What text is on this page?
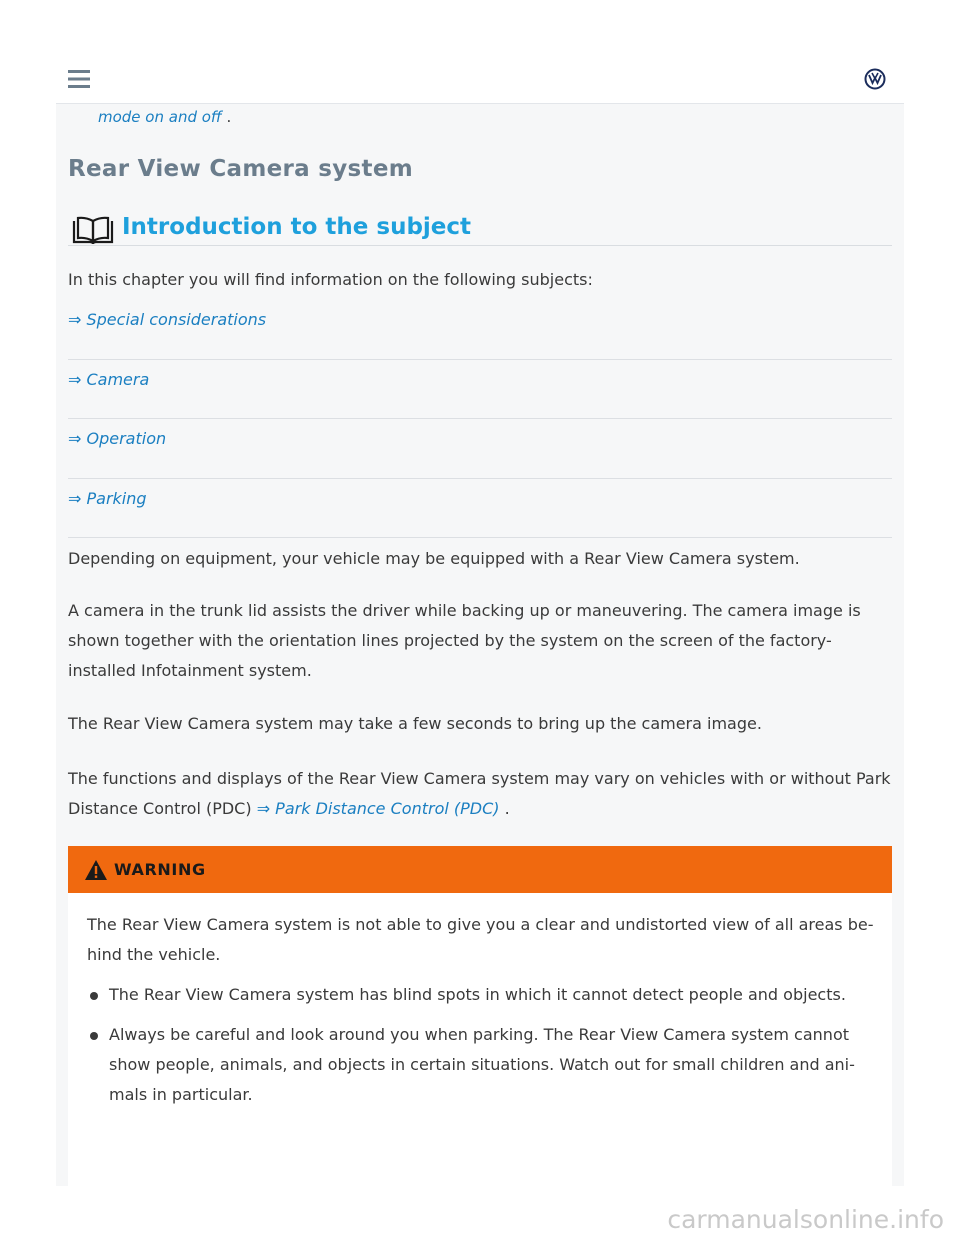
mode on and off .
Rear View Camera system
Introduction to the subject

In this chapter you will find information on the following subjects:

⇒ Special considerations
⇒ Camera
⇒ Operation
⇒ Parking

Depending on equipment, your vehicle may be equipped with a Rear View Camera system.

A camera in the trunk lid assists the driver while backing up or maneuvering. The camera image is shown together with the orientation lines projected by the system on the screen of the factory-installed Infotainment system.

The Rear View Camera system may take a few seconds to bring up the camera image.

The functions and displays of the Rear View Camera system may vary on vehicles with or without Park Distance Control (PDC) ⇒ Park Distance Control (PDC) .

WARNING

The Rear View Camera system is not able to give you a clear and undistorted view of all areas be-hind the vehicle.

The Rear View Camera system has blind spots in which it cannot detect people and objects.
Always be careful and look around you when parking. The Rear View Camera system cannot show people, animals, and objects in certain situations. Watch out for small children and ani-mals in particular.
carmanualsonline.info
